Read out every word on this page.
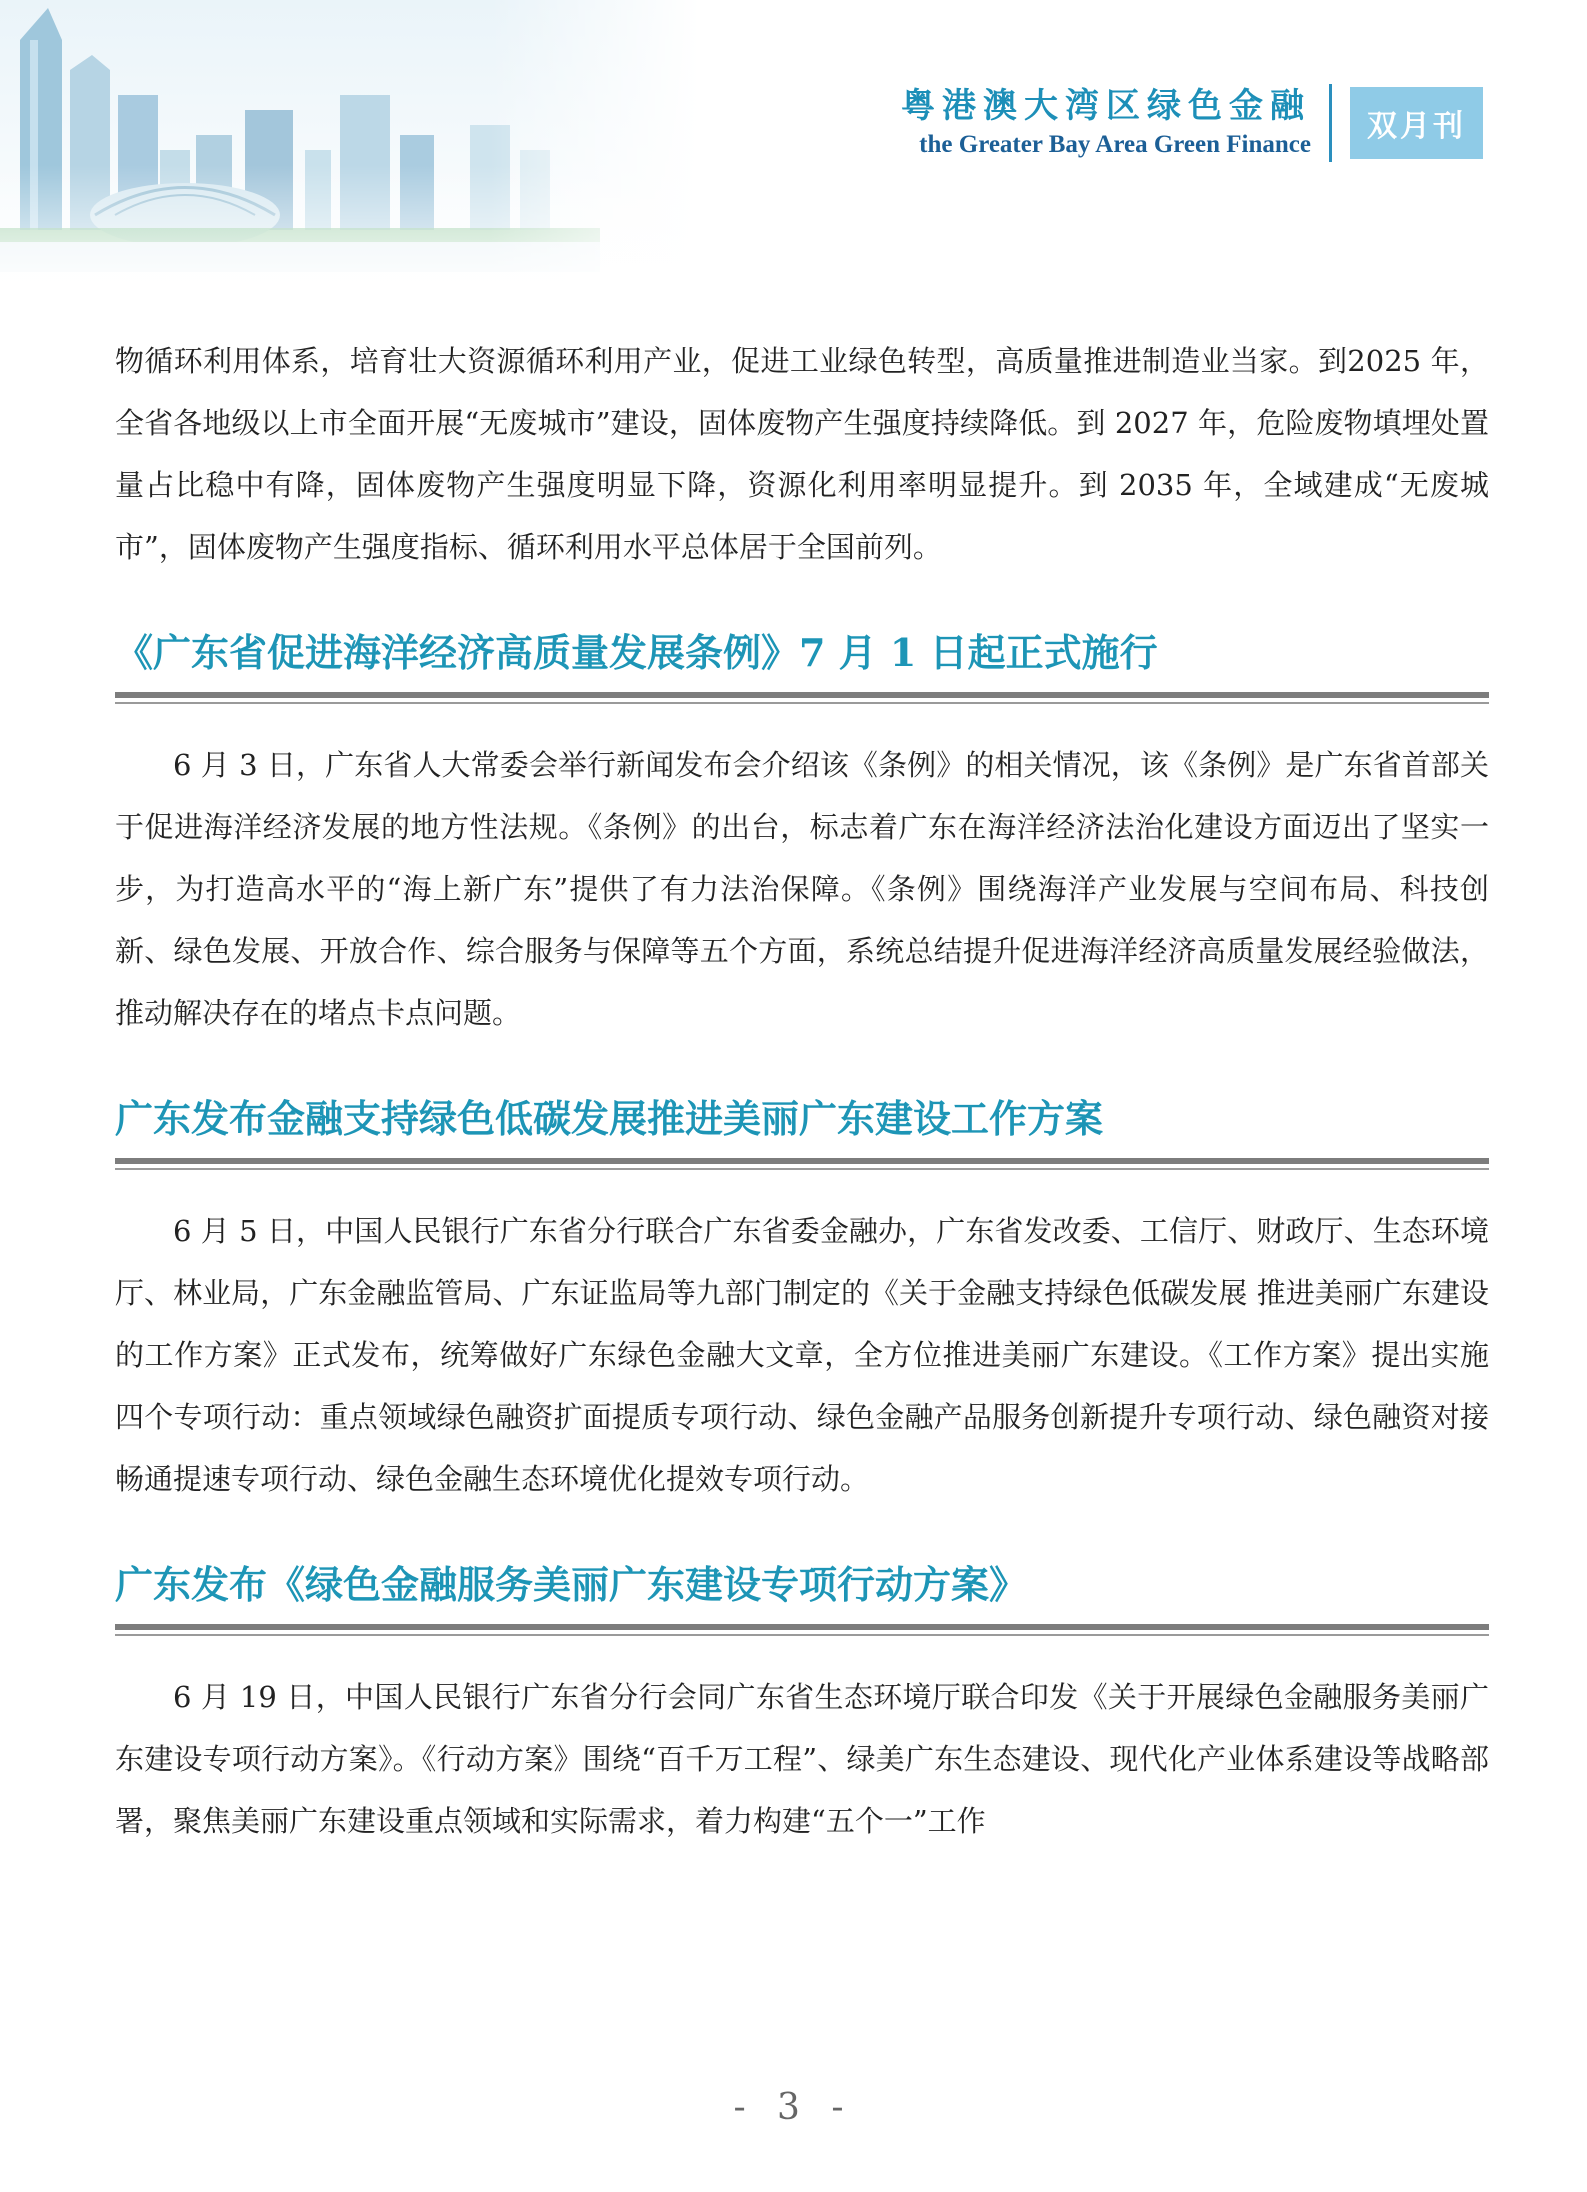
粤港澳大湾区绿色金融
the Greater Bay Area Green Finance
双月刊

物循环利用体系，培育壮大资源循环利用产业，促进工业绿色转型，高质量推进制造业当家。到2025 年，全省各地级以上市全面开展“无废城市”建设，固体废物产生强度持续降低。到 2027 年，危险废物填埋处置量占比稳中有降，固体废物产生强度明显下降，资源化利用率明显提升。到 2035 年，全域建成“无废城市”，固体废物产生强度指标、循环利用水平总体居于全国前列。

《广东省促进海洋经济高质量发展条例》7 月 1 日起正式施行

6 月 3 日，广东省人大常委会举行新闻发布会介绍该《条例》的相关情况，该《条例》是广东省首部关于促进海洋经济发展的地方性法规。《条例》的出台，标志着广东在海洋经济法治化建设方面迈出了坚实一步，为打造高水平的“海上新广东”提供了有力法治保障。《条例》围绕海洋产业发展与空间布局、科技创新、绿色发展、开放合作、综合服务与保障等五个方面，系统总结提升促进海洋经济高质量发展经验做法，推动解决存在的堵点卡点问题。

广东发布金融支持绿色低碳发展推进美丽广东建设工作方案

6 月 5 日，中国人民银行广东省分行联合广东省委金融办，广东省发改委、工信厅、财政厅、生态环境厅、林业局，广东金融监管局、广东证监局等九部门制定的《关于金融支持绿色低碳发展 推进美丽广东建设的工作方案》正式发布，统筹做好广东绿色金融大文章，全方位推进美丽广东建设。《工作方案》提出实施四个专项行动：重点领域绿色融资扩面提质专项行动、绿色金融产品服务创新提升专项行动、绿色融资对接畅通提速专项行动、绿色金融生态环境优化提效专项行动。

广东发布《绿色金融服务美丽广东建设专项行动方案》

6 月 19 日，中国人民银行广东省分行会同广东省生态环境厅联合印发《关于开展绿色金融服务美丽广东建设专项行动方案》。《行动方案》围绕“百千万工程”、绿美广东生态建设、现代化产业体系建设等战略部署，聚焦美丽广东建设重点领域和实际需求，着力构建“五个一”工作

- 3 -
